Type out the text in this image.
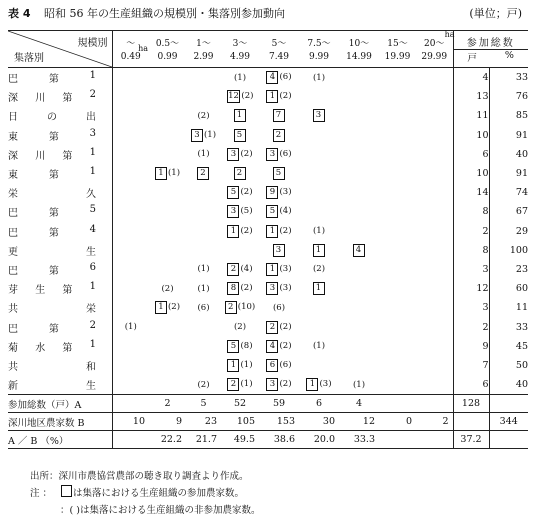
表 4 昭和 56 年の生産組織の規模別・集落別参加動向	(単位；戸)
規模別
集落別	～
0.49
ha	0.5～
0.99	1～
2.99	3～
4.99	5～
7.49	7.5～
9.99	10～
14.99	15～
19.99	20～
29.99
ha	参加総数
戸 %	

巴 第 1				(1)	4 (6)	(1)				4	33

深 川 第 2				12 (2)	1 (2)					13	76

日 の 出			(2)	1	7	3				11	85

東 第 3			3 (1)	5	2					10	91

深 川 第 1			(1)	3 (2)	3 (6)					6	40

東 第 1		1 (1)	2	2	5					10	91

栄 久				5 (2)	9 (3)					14	74

巴 第 5				3 (5)	5 (4)					8	67

巴 第 4				1 (2)	1 (2)	(1)				2	29

更 生					3	1	4			8	100

巴 第 6			(1)	2 (4)	1 (3)	(2)				3	23

芽 生 第 1		(2)	(1)	8 (2)	3 (3)	1				12	60

共 栄		1 (2)	(6)	2 (10)	(6)					3	11

巴 第 2	(1)			(2)	2 (2)					2	33

菊 水 第 1				5 (8)	4 (2)	(1)				9	45

共 和				1 (1)	6 (6)					7	50

新 生			(2)	2 (1)	3 (2)	1 (3)	(1)			6	40
参加総数（戸）A		2	5	52	59	6	4			128	
深川地区農家数 B	10	9	23	105	153	30	12	0	2		344
A ／ B （%）		22.2	21.7	49.5	38.6	20.0	33.3			37.2	
出所： 深川市農協営農部の聴き取り調査より作成。
注 ：	は集落における生産組織の参加農家数。
：( ) は集落における生産組織の非参加農家数。
